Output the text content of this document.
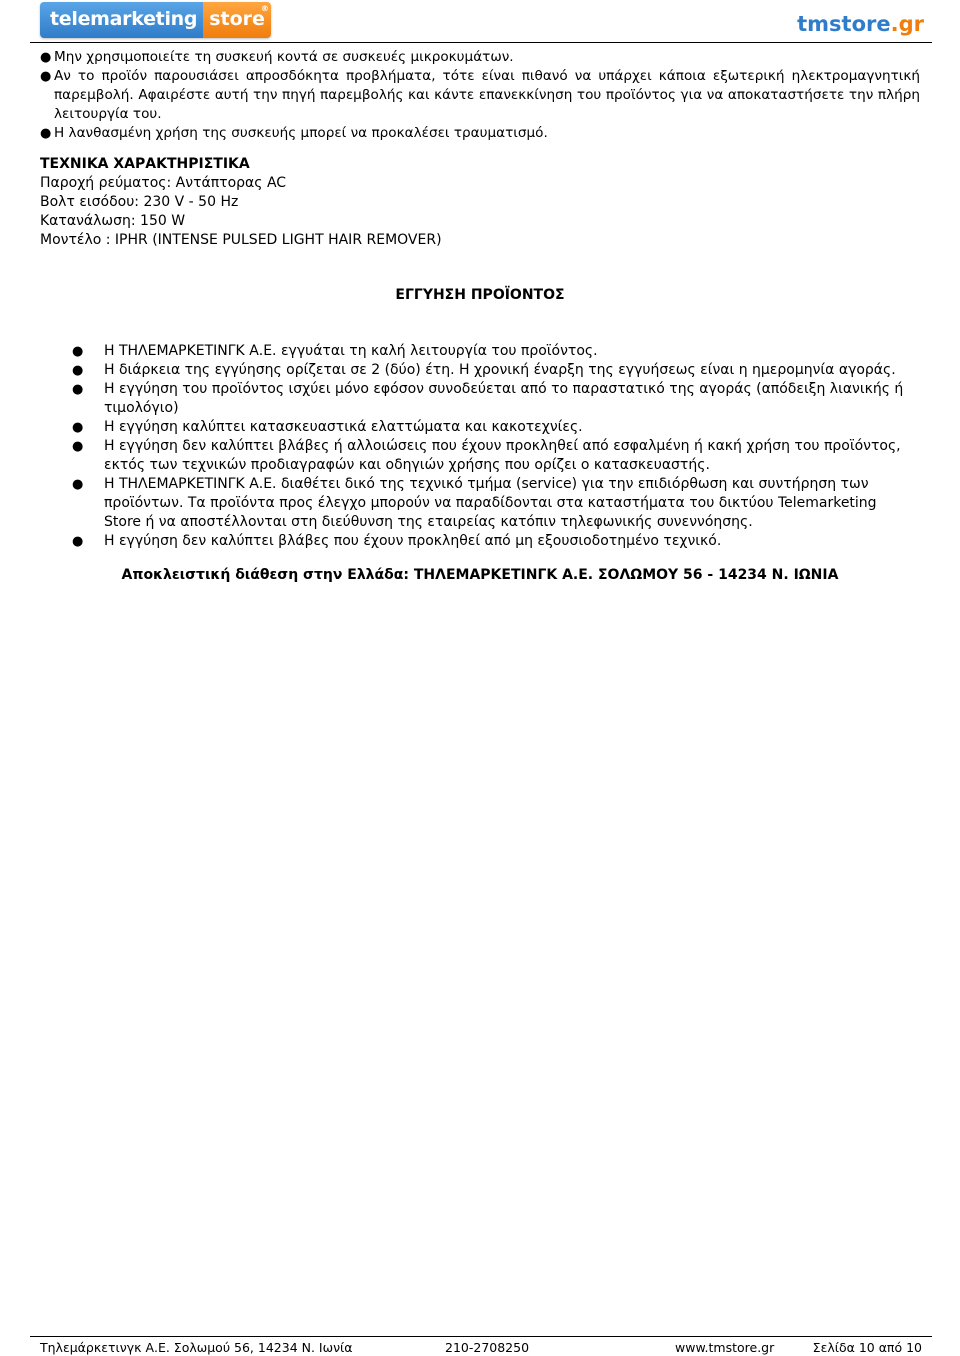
telemarketing store
®
tmstore.gr
● Μην χρησιμοποιείτε τη συσκευή κοντά σε συσκευές μικροκυμάτων.
● Αν το προϊόν παρουσιάσει απροσδόκητα προβλήματα, τότε είναι πιθανό να υπάρχει κάποια εξωτερική ηλεκτρομαγνητική παρεμβολή. Αφαιρέστε αυτή την πηγή παρεμβολής και κάντε επανεκκίνηση του προϊόντος για να αποκαταστήσετε την πλήρη λειτουργία του.
● Η λανθασμένη χρήση της συσκευής μπορεί να προκαλέσει τραυματισμό.
ΤΕΧΝΙΚΑ ΧΑΡΑΚΤΗΡΙΣΤΙΚΑ
Παροχή ρεύματος: Αντάπτορας AC
Βολτ εισόδου: 230 V - 50 Hz
Κατανάλωση: 150 W
Μοντέλο : IPHR (INTENSE PULSED LIGHT HAIR REMOVER)
ΕΓΓΥΗΣΗ ΠΡΟΪΟΝΤΟΣ
● Η ΤΗΛΕΜΑΡΚΕΤΙΝΓΚ Α.Ε. εγγυάται τη καλή λειτουργία του προϊόντος.
● Η διάρκεια της εγγύησης ορίζεται σε 2 (δύο) έτη. Η χρονική έναρξη της εγγυήσεως είναι η ημερομηνία αγοράς.
● Η εγγύηση του προϊόντος ισχύει μόνο εφόσον συνοδεύεται από το παραστατικό της αγοράς (απόδειξη λιανικής ή τιμολόγιο)
● Η εγγύηση καλύπτει κατασκευαστικά ελαττώματα και κακοτεχνίες.
● Η εγγύηση δεν καλύπτει βλάβες ή αλλοιώσεις που έχουν προκληθεί από εσφαλμένη ή κακή χρήση του προϊόντος, εκτός των τεχνικών προδιαγραφών και οδηγιών χρήσης που ορίζει ο κατασκευαστής.
● Η ΤΗΛΕΜΑΡΚΕΤΙΝΓΚ Α.Ε. διαθέτει δικό της τεχνικό τμήμα (service) για την επιδιόρθωση και συντήρηση των προϊόντων. Τα προϊόντα προς έλεγχο μπορούν να παραδίδονται στα καταστήματα του δικτύου Telemarketing Store ή να αποστέλλονται στη διεύθυνση της εταιρείας κατόπιν τηλεφωνικής συνεννόησης.
● Η εγγύηση δεν καλύπτει βλάβες που έχουν προκληθεί από μη εξουσιοδοτημένο τεχνικό.
Αποκλειστική διάθεση στην Ελλάδα: ΤΗΛΕΜΑΡΚΕΤΙΝΓΚ Α.Ε. ΣΟΛΩΜΟΥ 56 - 14234 Ν. ΙΩΝΙΑ
Τηλεμάρκετινγκ Α.Ε. Σολωμού 56, 14234 Ν. Ιωνία	210-2708250	www.tmstore.gr	Σελίδα 10 από 10
